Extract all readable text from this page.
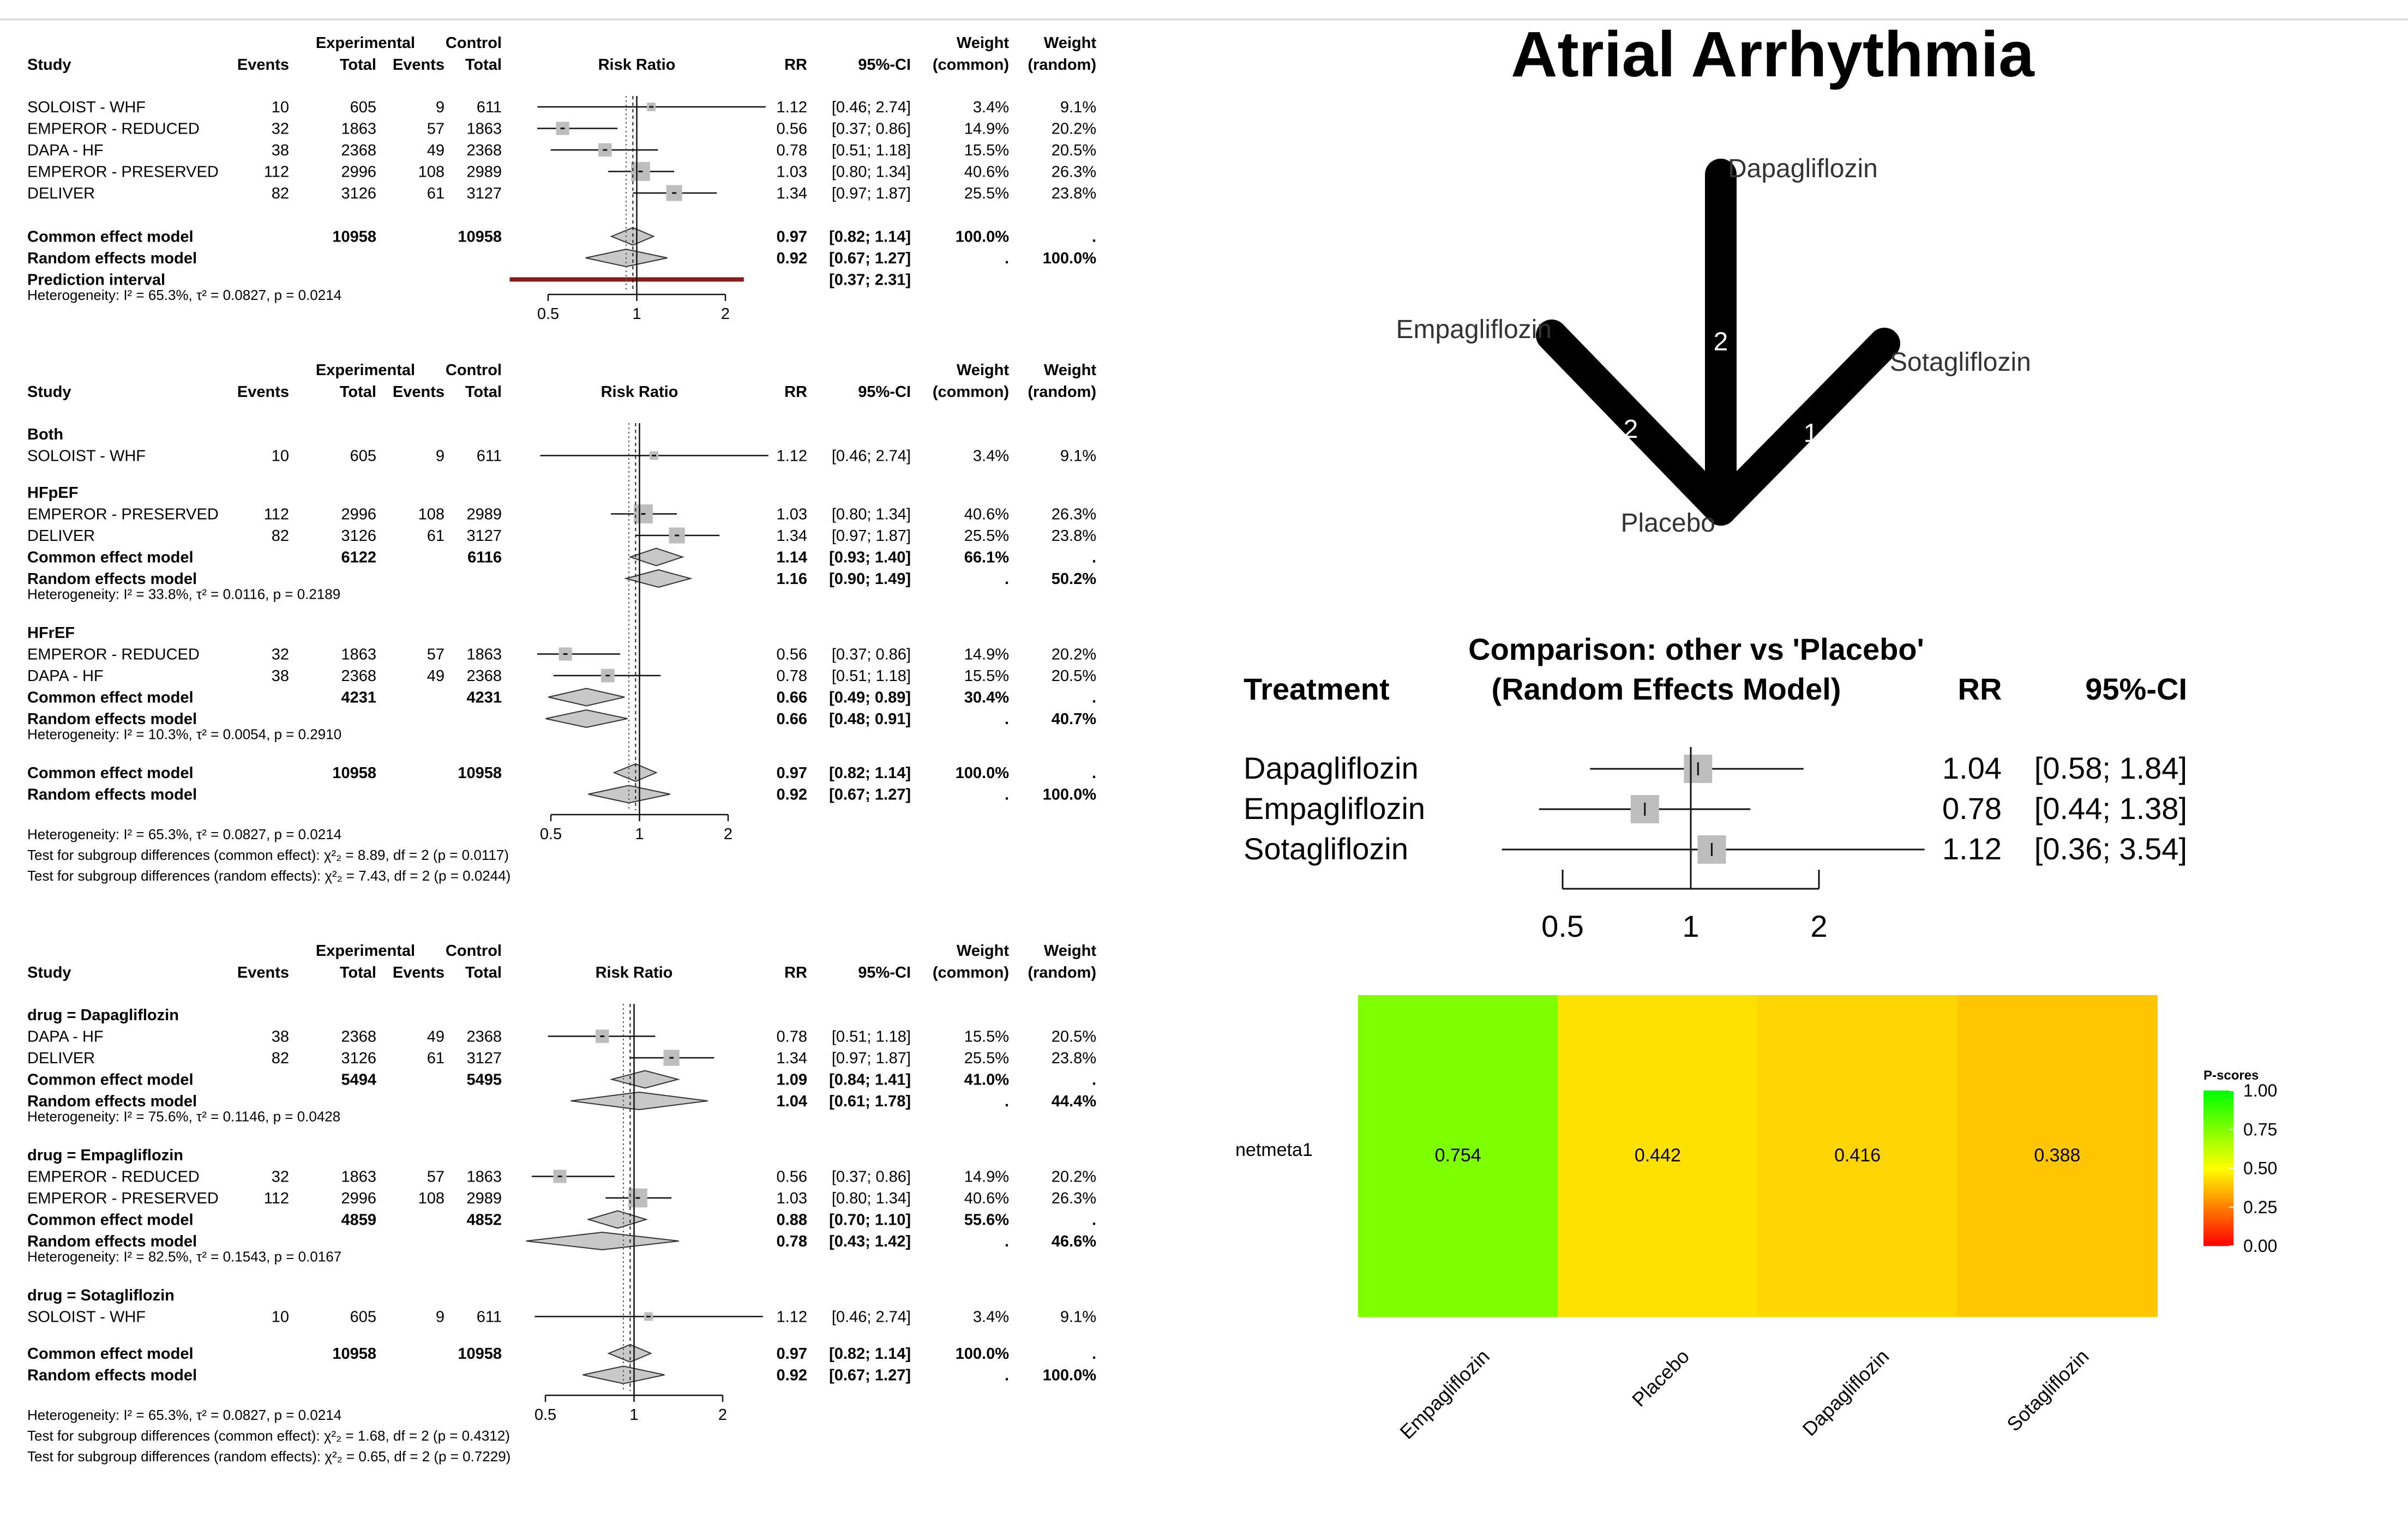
Atrial Arrhythmia
Experimental Control	Weight Weight
Study	Events	Total Events Total	Risk Ratio	RR	95%-CI (common) (random)
SOLOIST - WHF	10	605	9 611	1.12 [0.46; 2.74]	3.4%	9.1%
EMPEROR - REDUCED	32	1863	57 1863	0.56 [0.37; 0.86]	14.9%	20.2%
DAPA - HF	38	2368	49 2368	0.78 [0.51; 1.18]	15.5%	20.5%
EMPEROR - PRESERVED	112	2996	108 2989	1.03 [0.80; 1.34]	40.6%	26.3%
DELIVER	82	3126	61 3127	1.34 [0.97; 1.87]	25.5%	23.8%
Common effect model	10958	10958	0.97 [0.82; 1.14]	100.0%	.
Random effects model	0.92 [0.67; 1.27]	. 100.0%
Prediction interval	[0.37; 2.31]
Heterogeneity: I² = 65.3%, τ² = 0.0827, p = 0.0214
0.5	1	2
Experimental Control	Weight Weight
Study	Events	Total Events Total	Risk Ratio	RR	95%-CI (common) (random)
Both
SOLOIST - WHF	10	605	9 611	1.12 [0.46; 2.74]	3.4%	9.1%
HFpEF
EMPEROR - PRESERVED	112	2996	108 2989	1.03 [0.80; 1.34]	40.6%	26.3%
DELIVER	82	3126	61 3127	1.34 [0.97; 1.87]	25.5%	23.8%
Common effect model	6122	6116	1.14 [0.93; 1.40]	66.1%	.
Random effects model	1.16 [0.90; 1.49]	.	50.2%
Heterogeneity: I² = 33.8%, τ² = 0.0116, p = 0.2189
HFrEF
EMPEROR - REDUCED	32	1863	57 1863	0.56 [0.37; 0.86]	14.9%	20.2%
DAPA - HF	38	2368	49 2368	0.78 [0.51; 1.18]	15.5%	20.5%
Common effect model	4231	4231	0.66 [0.49; 0.89]	30.4%	.
Random effects model	0.66 [0.48; 0.91]	.	40.7%
Heterogeneity: I² = 10.3%, τ² = 0.0054, p = 0.2910
Common effect model	10958	10958	0.97 [0.82; 1.14]	100.0%	.
Random effects model	0.92 [0.67; 1.27]	. 100.0%
0.5	1	2
Heterogeneity: I² = 65.3%, τ² = 0.0827, p = 0.0214
Test for subgroup differences (common effect): χ²₂ = 8.89, df = 2 (p = 0.0117)
Test for subgroup differences (random effects): χ²₂ = 7.43, df = 2 (p = 0.0244)
Experimental Control	Weight Weight
Study	Events	Total Events Total	Risk Ratio	RR	95%-CI (common) (random)
drug = Dapagliflozin
DAPA - HF	38	2368	49 2368	0.78 [0.51; 1.18]	15.5%	20.5%
DELIVER	82	3126	61 3127	1.34 [0.97; 1.87]	25.5%	23.8%
Common effect model	5494	5495	1.09 [0.84; 1.41]	41.0%	.
Random effects model	1.04 [0.61; 1.78]	.	44.4%
Heterogeneity: I² = 75.6%, τ² = 0.1146, p = 0.0428
drug = Empagliflozin
EMPEROR - REDUCED	32	1863	57 1863	0.56 [0.37; 0.86]	14.9%	20.2%
EMPEROR - PRESERVED	112	2996	108 2989	1.03 [0.80; 1.34]	40.6%	26.3%
Common effect model	4859	4852	0.88 [0.70; 1.10]	55.6%	.
Random effects model	0.78 [0.43; 1.42]	.	46.6%
Heterogeneity: I² = 82.5%, τ² = 0.1543, p = 0.0167
drug = Sotagliflozin
SOLOIST - WHF	10	605	9 611	1.12 [0.46; 2.74]	3.4%	9.1%
Common effect model	10958	10958	0.97 [0.82; 1.14]	100.0%	.
Random effects model	0.92 [0.67; 1.27]	. 100.0%
0.5	1	2
Heterogeneity: I² = 65.3%, τ² = 0.0827, p = 0.0214
Test for subgroup differences (common effect): χ²₂ = 1.68, df = 2 (p = 0.4312)
Test for subgroup differences (random effects): χ²₂ = 0.65, df = 2 (p = 0.7229)
2
2	1
Dapagliflozin
Empagliflozin
Sotagliflozin
Placebo
Comparison: other vs 'Placebo'
Treatment	(Random Effects Model)	RR	95%-CI
Dapagliflozin	1.04 [0.58; 1.84]
Empagliflozin	0.78 [0.44; 1.38]
Sotagliflozin	1.12 [0.36; 3.54]
0.5	1	2
0.754
Empagliflozin
0.442
Placebo
0.416
Dapagliflozin
0.388
Sotagliflozin
netmeta1
P-scores
1.00
0.75
0.50
0.25
0.00
